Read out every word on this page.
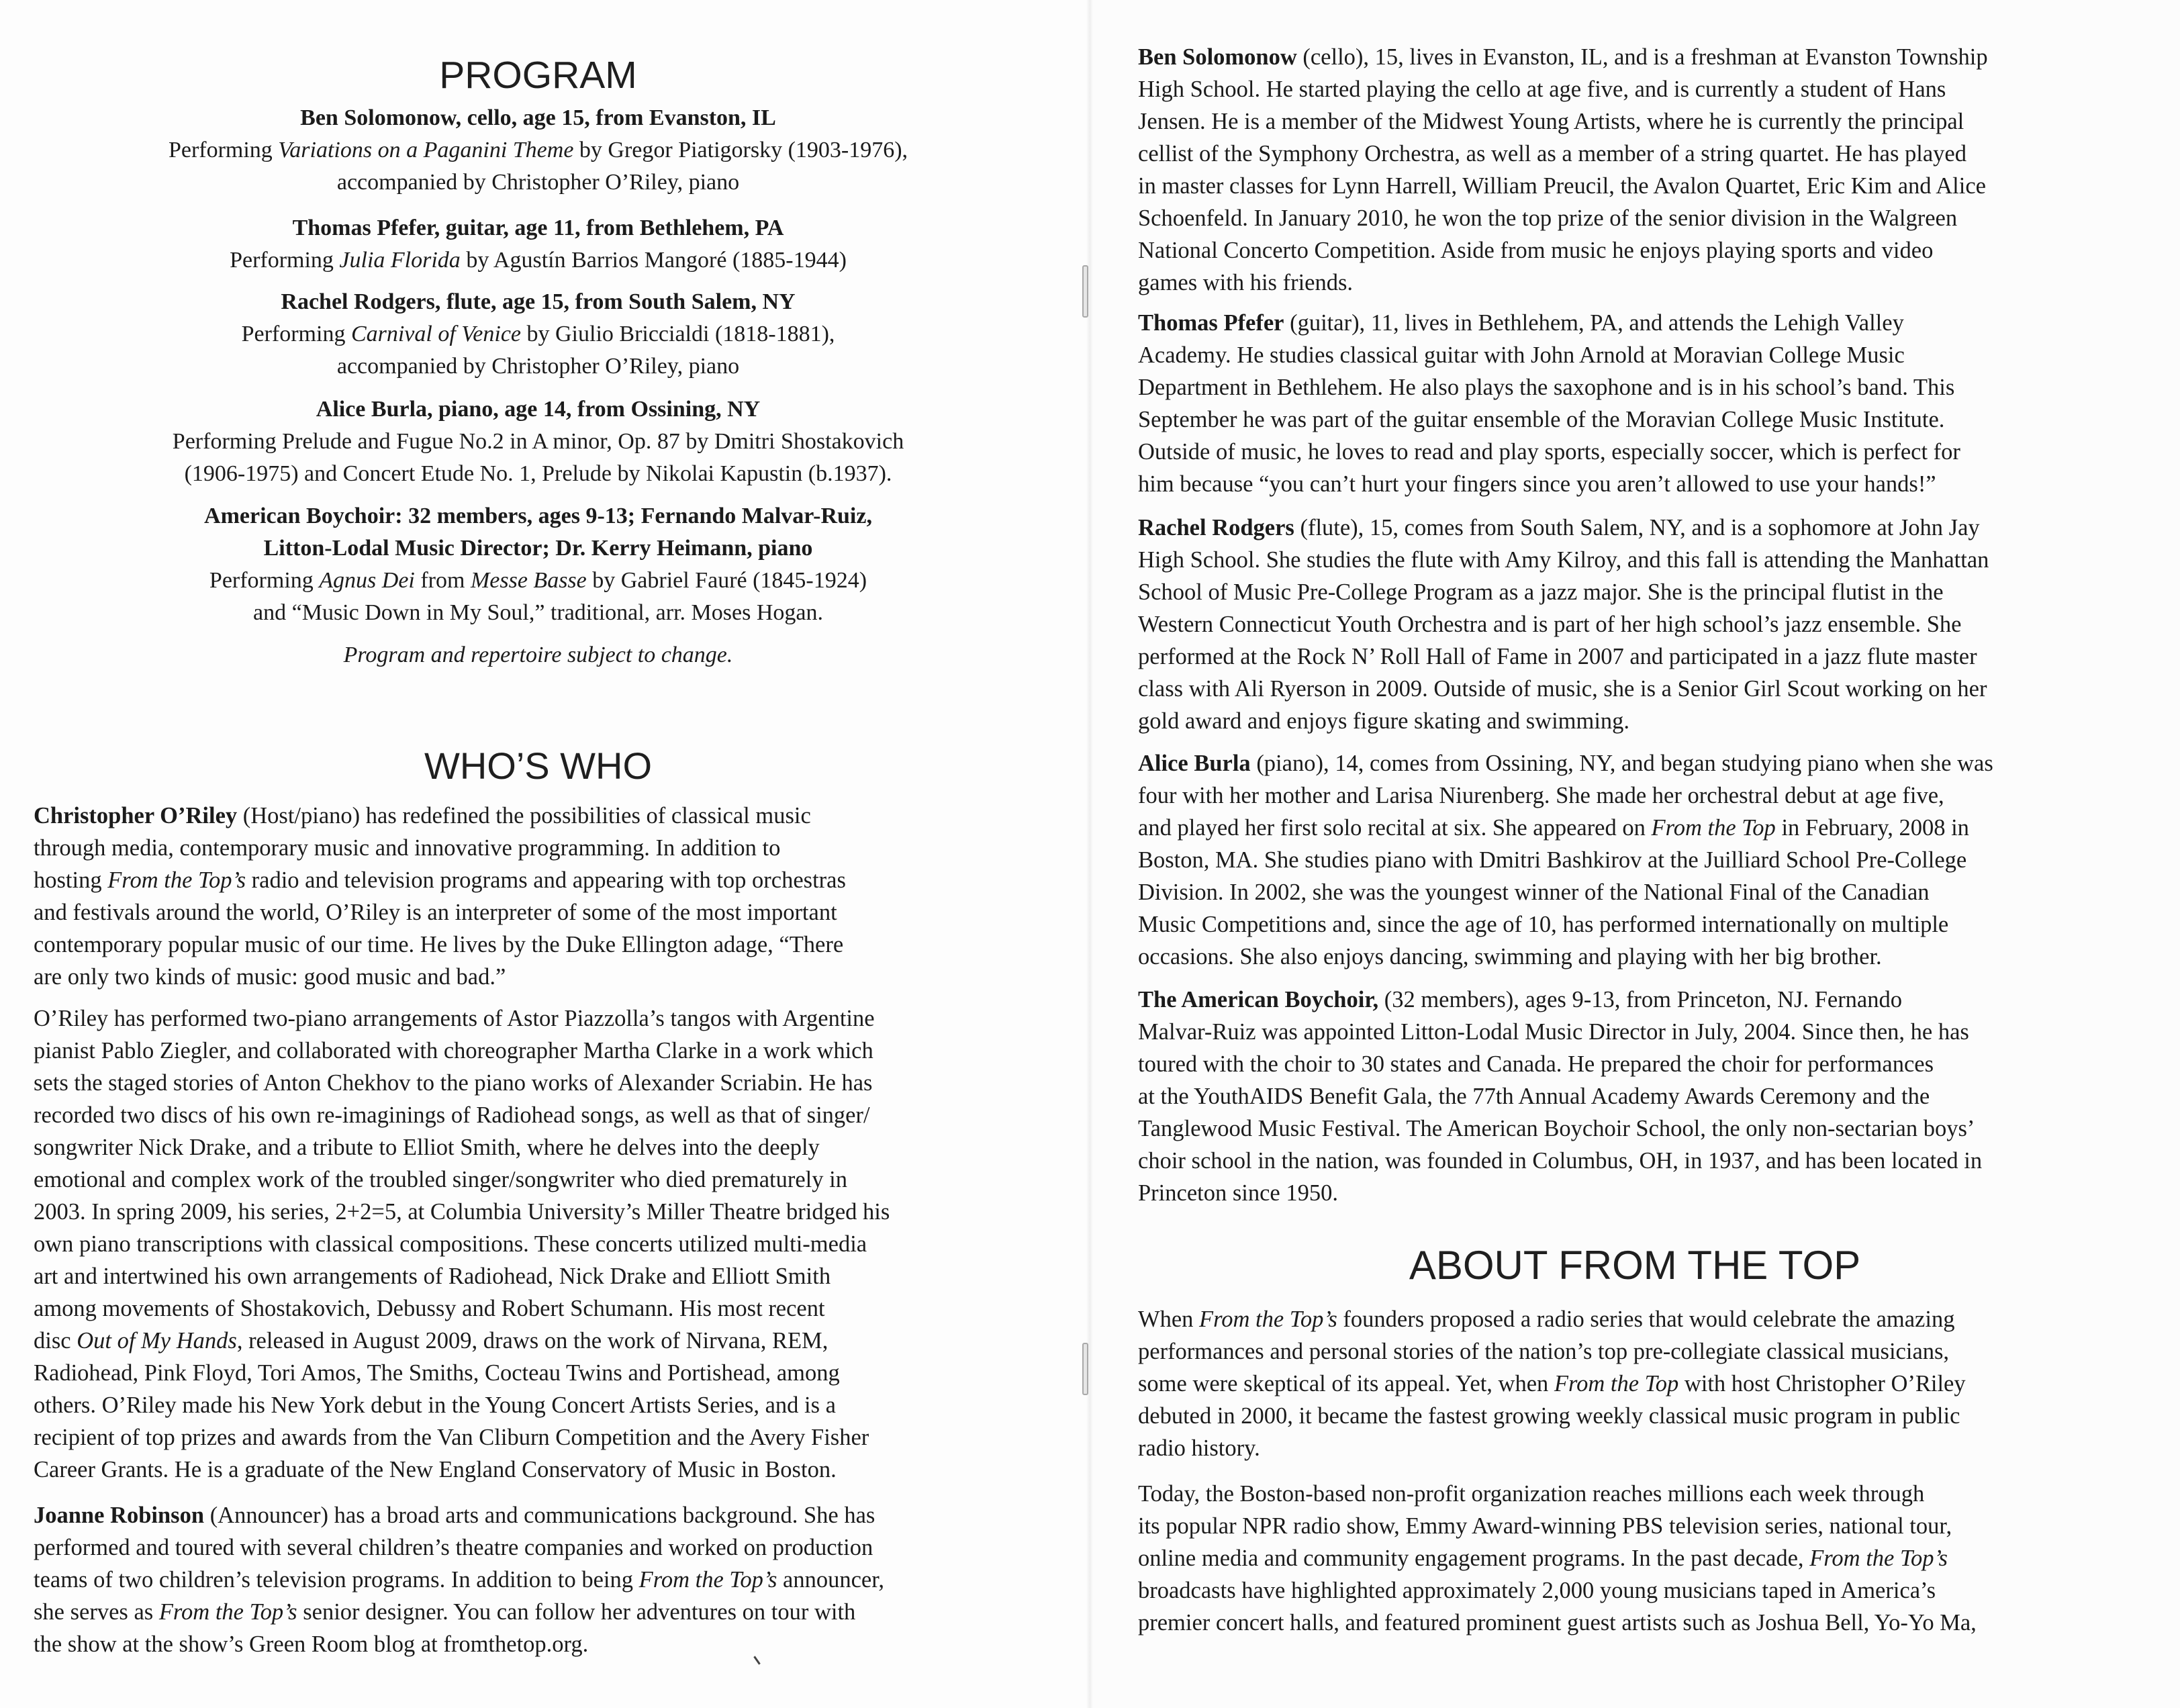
PROGRAM

Ben Solomonow, cello, age 15, from Evanston, IL

Performing Variations on a Paganini Theme by Gregor Piatigorsky (1903-1976),

accompanied by Christopher O’Riley, piano

Thomas Pfefer, guitar, age 11, from Bethlehem, PA

Performing Julia Florida by Agustín Barrios Mangoré (1885-1944)

Rachel Rodgers, flute, age 15, from South Salem, NY

Performing Carnival of Venice by Giulio Briccialdi (1818-1881),

accompanied by Christopher O’Riley, piano

Alice Burla, piano, age 14, from Ossining, NY

Performing Prelude and Fugue No.2 in A minor, Op. 87 by Dmitri Shostakovich

(1906-1975) and Concert Etude No. 1, Prelude by Nikolai Kapustin (b.1937).

American Boychoir: 32 members, ages 9-13; Fernando Malvar-Ruiz,

Litton-Lodal Music Director; Dr. Kerry Heimann, piano

Performing Agnus Dei from Messe Basse by Gabriel Fauré (1845-1924)

and “Music Down in My Soul,” traditional, arr. Moses Hogan.

Program and repertoire subject to change.

WHO’S WHO

Christopher O’Riley (Host/piano) has redefined the possibilities of classical music
through media, contemporary music and innovative programming. In addition to
hosting From the Top’s radio and television programs and appearing with top orchestras
and festivals around the world, O’Riley is an interpreter of some of the most important
contemporary popular music of our time. He lives by the Duke Ellington adage, “There
are only two kinds of music: good music and bad.”

O’Riley has performed two-piano arrangements of Astor Piazzolla’s tangos with Argentine
pianist Pablo Ziegler, and collaborated with choreographer Martha Clarke in a work which
sets the staged stories of Anton Chekhov to the piano works of Alexander Scriabin. He has
recorded two discs of his own re-imaginings of Radiohead songs, as well as that of singer/
songwriter Nick Drake, and a tribute to Elliot Smith, where he delves into the deeply
emotional and complex work of the troubled singer/songwriter who died prematurely in
2003. In spring 2009, his series, 2+2=5, at Columbia University’s Miller Theatre bridged his
own piano transcriptions with classical compositions. These concerts utilized multi-media
art and intertwined his own arrangements of Radiohead, Nick Drake and Elliott Smith
among movements of Shostakovich, Debussy and Robert Schumann. His most recent
disc Out of My Hands, released in August 2009, draws on the work of Nirvana, REM,
Radiohead, Pink Floyd, Tori Amos, The Smiths, Cocteau Twins and Portishead, among
others. O’Riley made his New York debut in the Young Concert Artists Series, and is a
recipient of top prizes and awards from the Van Cliburn Competition and the Avery Fisher
Career Grants. He is a graduate of the New England Conservatory of Music in Boston.

Joanne Robinson (Announcer) has a broad arts and communications background. She has
performed and toured with several children’s theatre companies and worked on production
teams of two children’s television programs. In addition to being From the Top’s announcer,
she serves as From the Top’s senior designer. You can follow her adventures on tour with
the show at the show’s Green Room blog at fromthetop.org.

Ben Solomonow (cello), 15, lives in Evanston, IL, and is a freshman at Evanston Township
High School. He started playing the cello at age five, and is currently a student of Hans
Jensen. He is a member of the Midwest Young Artists, where he is currently the principal
cellist of the Symphony Orchestra, as well as a member of a string quartet. He has played
in master classes for Lynn Harrell, William Preucil, the Avalon Quartet, Eric Kim and Alice
Schoenfeld. In January 2010, he won the top prize of the senior division in the Walgreen
National Concerto Competition. Aside from music he enjoys playing sports and video
games with his friends.

Thomas Pfefer (guitar), 11, lives in Bethlehem, PA, and attends the Lehigh Valley
Academy. He studies classical guitar with John Arnold at Moravian College Music
Department in Bethlehem. He also plays the saxophone and is in his school’s band. This
September he was part of the guitar ensemble of the Moravian College Music Institute.
Outside of music, he loves to read and play sports, especially soccer, which is perfect for
him because “you can’t hurt your fingers since you aren’t allowed to use your hands!”

Rachel Rodgers (flute), 15, comes from South Salem, NY, and is a sophomore at John Jay
High School. She studies the flute with Amy Kilroy, and this fall is attending the Manhattan
School of Music Pre-College Program as a jazz major. She is the principal flutist in the
Western Connecticut Youth Orchestra and is part of her high school’s jazz ensemble. She
performed at the Rock N’ Roll Hall of Fame in 2007 and participated in a jazz flute master
class with Ali Ryerson in 2009. Outside of music, she is a Senior Girl Scout working on her
gold award and enjoys figure skating and swimming.

Alice Burla (piano), 14, comes from Ossining, NY, and began studying piano when she was
four with her mother and Larisa Niurenberg. She made her orchestral debut at age five,
and played her first solo recital at six. She appeared on From the Top in February, 2008 in
Boston, MA. She studies piano with Dmitri Bashkirov at the Juilliard School Pre-College
Division. In 2002, she was the youngest winner of the National Final of the Canadian
Music Competitions and, since the age of 10, has performed internationally on multiple
occasions. She also enjoys dancing, swimming and playing with her big brother.

The American Boychoir, (32 members), ages 9-13, from Princeton, NJ. Fernando
Malvar-Ruiz was appointed Litton-Lodal Music Director in July, 2004. Since then, he has
toured with the choir to 30 states and Canada. He prepared the choir for performances
at the YouthAIDS Benefit Gala, the 77th Annual Academy Awards Ceremony and the
Tanglewood Music Festival. The American Boychoir School, the only non-sectarian boys’
choir school in the nation, was founded in Columbus, OH, in 1937, and has been located in
Princeton since 1950.

ABOUT FROM THE TOP

When From the Top’s founders proposed a radio series that would celebrate the amazing
performances and personal stories of the nation’s top pre-collegiate classical musicians,
some were skeptical of its appeal. Yet, when From the Top with host Christopher O’Riley
debuted in 2000, it became the fastest growing weekly classical music program in public
radio history.

Today, the Boston-based non-profit organization reaches millions each week through
its popular NPR radio show, Emmy Award-winning PBS television series, national tour,
online media and community engagement programs. In the past decade, From the Top’s
broadcasts have highlighted approximately 2,000 young musicians taped in America’s
premier concert halls, and featured prominent guest artists such as Joshua Bell, Yo-Yo Ma,
